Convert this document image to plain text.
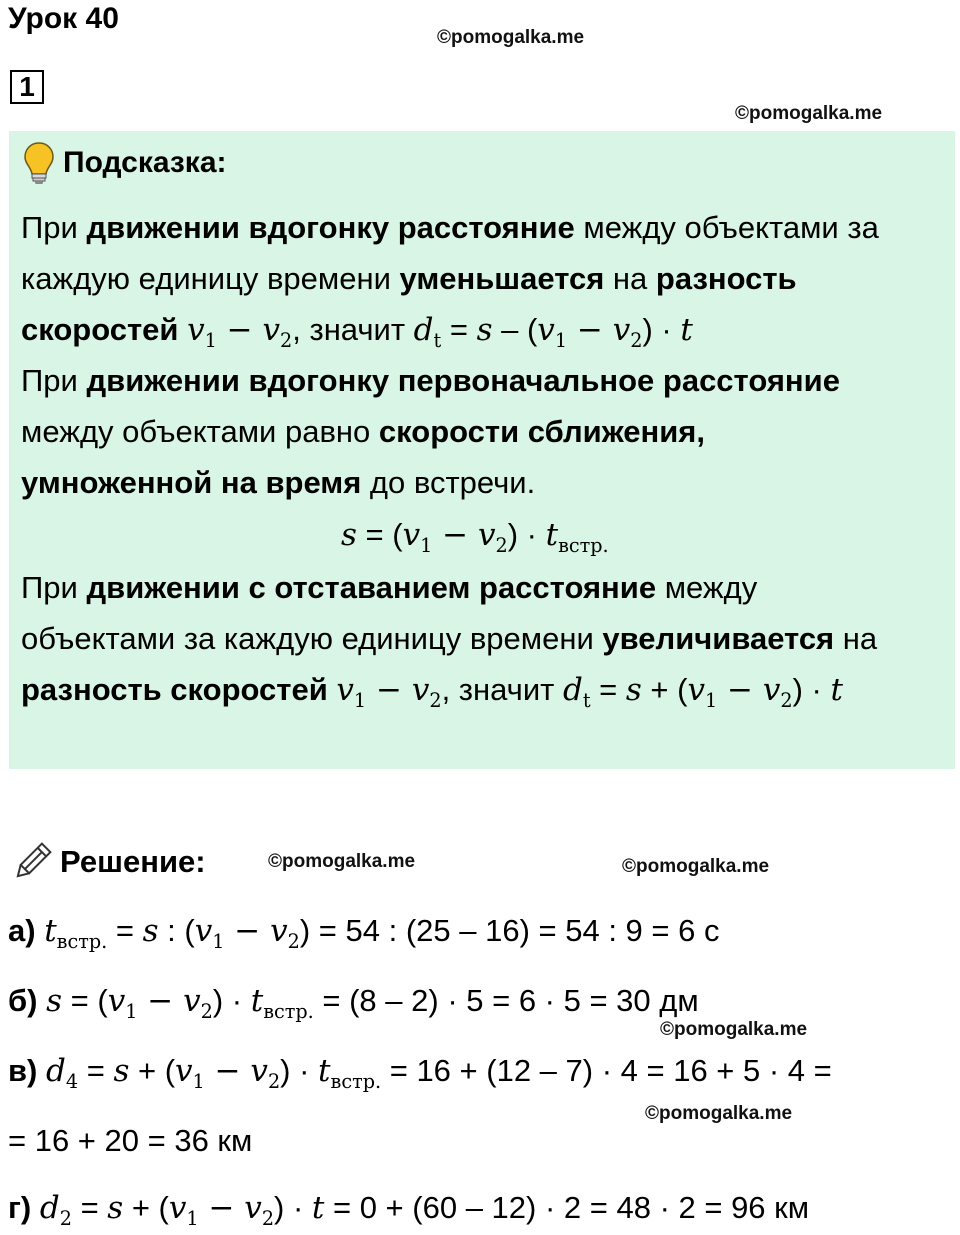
Урок 40
©pomogalka.me
1
©pomogalka.me
Подсказка:
При движении вдогонку расстояние между объектами за
каждую единицу времени уменьшается на разность
скоростей $v_1 - v_2$, значит $d_t = s - (v_1 - v_2) \cdot t$
При движении вдогонку первоначальное расстояние
между объектами равно скорости сближения,
умноженной на время до встречи.
$s = (v_1 - v_2) \cdot t_{встр.}$
При движении с отставанием расстояние между
объектами за каждую единицу времени увеличивается на
разность скоростей $v_1 - v_2$, значит $d_t = s + (v_1 - v_2) \cdot t$
Решение:	©pomogalka.me	©pomogalka.me
а) $t_{встр.} = s$ : $(v_1 - v_2) = 54$ : (25 – 16) = 54 : 9 = 6 с
б) $s = (v_1 - v_2) \cdot t_{встр.} = (8 - 2) \cdot 5 = 6 \cdot 5 = 30$ дм
©pomogalka.me
в) $d_4 = s + (v_1 - v_2) \cdot t_{встр.} = 16 + (12 - 7) \cdot 4 = 16 + 5 \cdot 4$ =
©pomogalka.me
= 16 + 20 = 36 км
г) $d_2 = s + (v_1 - v_2) \cdot t = 0 + (60 - 12) \cdot 2 = 48 \cdot 2 = 96$ км
